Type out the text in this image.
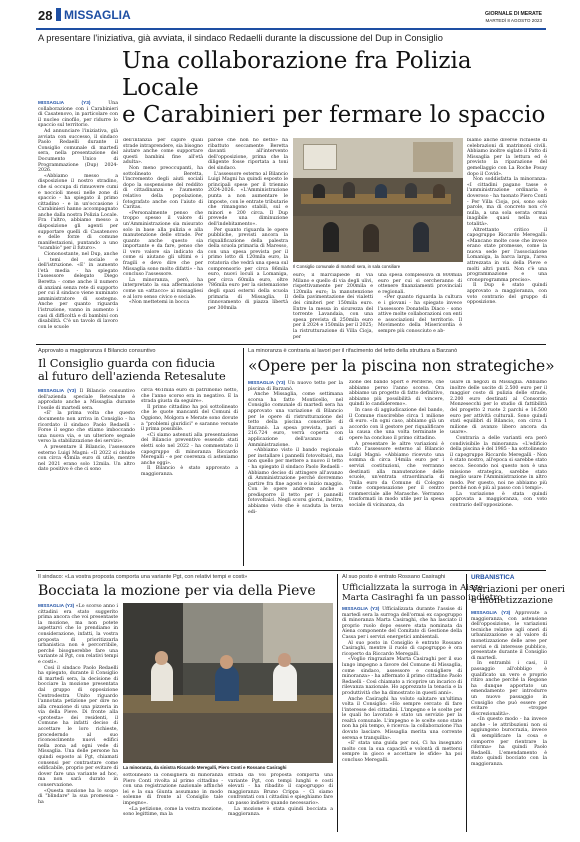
28 MISSAGLIA	GIORNALE DI MERATE
MARTEDÌ 8 AGOSTO 2023
A presentare l'iniziativa, già avviata, il sindaco Redaelli durante la discussione del Dup in Consiglio
Una collaborazione fra Polizia Locale
e Carabinieri per fermare lo spaccio

MISSAGLIA (Y3) Una collaborazione con i Carabinieri di Casatenovo, in particolare con il nucleo cinofilo, per ridurre lo spaccio sul territorio.

Ad annunciare l'iniziativa, già avviata con successo, il sindaco Paolo Redaelli durante il Consiglio comunale di martedì sera, nella presentazione del Documento Unico di Programmazione (Dup) 2024-2026.

«Abbiamo messo a disposizione il nostro stradino, che si occupa di rimuovere cumi e noccioli messi nelle zone di spaccio - ha spiegato il primo cittadino - e in un'occasione i Carabinieri hanno accompagnato anche dalla nostra Polizia Locale. Fra l'altro, abbiamo messo a disposizione gli agenti per supportare quelli di Casatenovo e delle forze di comune manifestazioni, puntando a uno "scambio" per il futuro».

Ciononostante, nel Dup, anche i temi del sociale e dell'istruzione. «E' in aumento l'età media - ha spiegato l'assessore delegato Diego Beretta - come anche il numero di anziani senza rete di supporto per cui il sindaco viene numinato amministratore di sostegno. Anche per quanto riguarda l'istruzione, vanno in aumento i casi di difficoltà e di bambini con disabilità. C'è un tavolo di lavoro con le scuole

dell'infanzia per capire quali strade intraprendere, sia bisogno aiutare anche come supportare questi bambini fine all'età adulta».

Non meno preoccupanti, ha sottolineato Beretta, l'incremento degli aiuti sociali dopo la sospensione del reddito di cittadinanza e l'aumento relativo della popolazione, fotografato anche con l'aiuto di Caritas.

«Personalmente penso che troppo spesso il valore di un'Amministrazione sia misurato solo in base alla pulizia e alla manutenzione delle strade. Per quanto anche questo sia importante e da fare, penso che il vero valore sia indicato da come si aiutano gli ultimi e i fragili e devo dire che per Missaglia sono molto difatti» - ha concluso l'assessore.

La minoranza, però, ha interpretato la sua affermazione come un «attacco» ai missagliesi e al loro senso civico e sociale.

«Non mettetemi in bocca

parole che non ho detto» ha ribattuto seccamente Beretta davanti all'intervento dell'opposizione, prima che la diligente fosse riportata a toni del sindaco.

L'assessore esterno al Bilancio Luigi Magni ha quindi esposto le principali spese per il triennio 2024-2026. «L'Amministrazione punta a non aumentare le imposte, con le entrate tributarie che rimangono stabili, sul e minori e 200 circa. Il Dup prevede una diminuzione dell'indebitamento».

Per quanto riguarda le opere pubbliche, previsti ancora la riqualificazione della palestra della scuola primaria di Maresso, con una spesa prevista per il primo lotto di 120mila euro, la rotatoria che vedrà una spesa sul comprensorio per circa 86mila euro, nuovi loculi a Lomaniga, per circa 60mila euro, oltre 786mila euro per la sistemazione degli spazi esterni della scuola primaria di Missaglia. Il rinnovamento di piazza libertà per 300mila

Il Consiglio comunale di martedì sera, in sala consiliare

euro; il marciapiede di via Milano e quello di via degli ulivi, rispettivamente per 200mila e 120mila euro; la manutenzione della pavimentazione dei vialetti dei cimiteri per 150mila euro. Entre la messa in sicurezza del torrente Lavandaia, con una spesa prevista di 250mila euro per il 2024 e 150mila per il 2025; la ristrutturazione di Villa Cioja, per

una spesa complessiva di 800mila euro per cui si cercheranno di ottenere finanziamenti provinciali e regionali.

«Per quanto riguarda la cultura e i giovani - ha spiegato invece l'assessore Donatella Diaco - sono attive molte collaborazioni con enti e associazioni del territorio. Il Movimento della Misericordia è sempre più conosciuto e ab-

biamo anche diverse richieste di celebrazioni di matrimoni civili. Abbiamo inoltre siglato il Patto di Missaglia per la lettura ed è previsto la riparazione del gemellaggio con La Roche Posay dopo il Covid».

Non soddisfatta la minoranza: «I cittadini pagano tasse e l'amministrazione ordinaria è doveroso - ha tuonato Piero Conti - Per Villa Cioja, poi, sono solo parole, ma di concreto non c'è nulla, a una sola serata ormai inagibile quasi nella sua totalità».

Altrettanto critico il capogruppo Riccardo Meregalli: «Mancano molte cose che invece erano state promesse, come la nuova sede per l'associazione Lomaniga, la barca larga, l'area attrezzata in via della Pieve e molti altri punti. Non c'è una programmazione e una cronoprogramma preciso».

Il Dup è stato quindi approvato a maggioranza, con voto contrario del gruppo di opposizione.

Approvato a maggioranza il Bilancio consuntivo
Il Consiglio guarda con fiducia
al futuro dell'azienda Retesalute

MISSAGLIA (Y3) Il Bilancio consuntivo dell'azienda speciale Retesalute è approdato anche a Missaglia durante l'ossile di martedì sera.

«E' la prima volta che questo documento non arriva in Consiglio - ha ricordato il sindaco Paolo Redaelli - Forse il segno che stiamo imboccando una nuova via, e un ulteriore segnale verso la stabilizzazione dei servizi».

A presentare il Bilancio, l'assessore esterno Luigi Magni: «Il 2022 si chiude con circa 45mila euro di utile, mentre nel 2021 erano solo 12mila. Un altro dato positivo è che ci sono

circa 461mila euro di patrimonio netto, che l'anno scorso era in negativo. E la strada giusta da seguire».

Il primo cittadino ha poi sottolineato che le quote mancanti del Comuni di Oggiono, Molgora e Merate sono dovute a "problemi giuridici" e saranno versate il prima possibile.

«Ci siamo astenuti alla presentazione del Bilancio preventivo essendo stati eletti solo nel 2022 - ha commentato il capogruppo di minoranza Riccardo Meregalli - e per coerenza ci asteniamo anche oggi».

Il Bilancio è stato approvato a maggioranza.

La minoranza è contraria ai lavori per il rifacimento del tetto della struttura a Barzanò
«Opere per la piscina non strategiche»

MISSAGLIA (Y3) Un nuovo tetto per la piscina di Barzanò.

Anche Missaglia, come settimana scorsa ha fatto Monticello, nel Consiglio comunale di martedì sera ha approvato una variazione di Bilancio per le opere di ristrutturazione del tetto della piscina consortile di Barzanò. La spesa prevista, pari a 216.724 euro, verrà coperta con applicazione dell'avanzo di Amministrazione.

«Abbiamo visto il bando regionale per installare i pannelli fotovoltaici, ma non quello per mettere a nuovo il tetto - ha spiegato il sindaco Paolo Redaelli - Abbiamo deciso di attingere all'avanzo di Amministrazione perché dovremmo partire fra fine agosto e inizio maggio. Con le opere andremo anche a predisporre il tetto per i pannelli fotovoltaici. Negli scorsi giorni, inoltre, abbiamo visto che è scaduta la terza edi-

zione del bando Sport e Periferie, che abbiamo perso l'anno scorso. Ora abbiamo un progetto di fatto definitivo, abbiamo più possibilità di vincere, quindi lo candideremo».

In caso di aggiudicazione del bando, il Comune riuscirebbe circa 1 milione di euro. «In ogni caso, abbiamo già un accordo con il gestore per riqualificare la causa che una volta terminate le opere ha concluso il primo cittadino.

A presentare le altre variazioni è stato l'assessore esterno al Bilancio Luigi Magni: «Abbiamo ricevuto una somma di circa 14mila euro per i servizi costituzioni, che verranno destinati alla manutenzione delle scuole, un'entrata straordinaria di 7mila euro da Comune di Cologno come compensazione per il centro commerciale alle Marasche. Verranno trasformati in modo utile per la spesa sociale di vicinanza, da

usare in negozi di Missaglia. Abbiamo inoltre delle uscite di 2.500 euro per il maggior costo di pulizia delle strade, 2.200 euro destinati al Consorzio Monzesecchi per lo studio di fattibilità del progetto 2 ruote 2 parchi e 16.500 euro per attività culturali. Sono quindi stati equilibri di Bilancio, con circa 1 milione di avanzo libero ancora da usare».

Contraria a delle varianti era però condivisibile la minoranza: «L'edificio della piscina è del 1985 - ha sottolineato il capogruppo Riccardo Meregalli - Non è stato nostro, all'epoca si sarebbe stato secco. Secondo noi questo non è una missione strategica, sarebbe stato meglio usare l'Amministrazione in altro modo. Per questo, noi ne abbiamo più perché non è più al passo con i tempi».

La variazione è stata quindi approvata a maggioranza, con voto contrario dell'opposizione.

Il sindaco: «La vostra proposta comporta una variante Pgt, con relativi tempi e costi»
Bocciata la mozione per via della Pieve

MISSAGLIA (Y3) «Lo scorso anno i cittadini era stato suggerito prima ancora che voi presentaste la mozione, ma non potete aspettarvi che lo prendiamo in considerazione, infatti, la vostra proposta di prioritizzarla urbanistica non è percorribile, perché bisognerebbe fare una variante al Pgt, con relativi tempi e costi».

Così il sindaco Paolo Redaelli ha spiegato, durante il Consiglio di martedì sera, la decisione di bocciare la mozione presentata dal gruppo di opposizione Centrodestra Unito riguardo l'annotata petizione per dire no alla creazione di una pizzeria in via della Pieve. Di fronte alla «protesta» dei residenti, il Comune ha infatti deciso di accettare le loro richieste, procederndo al suo riconoscimento nuovi edifici nella zona ad ogni vede di Missaglia. Una delle persone ha quindi esposto ai Pgt, chiamati consensi per contrastare come edificabile, proprio per evitare di dover fare una variante ad hoc, ma non sarà durato in conservazione.

«Questa mozione ha lo scopo di "blindare" la sua promessa - ha

La minoranza, da sinistra Riccardo Meregalli, Piero Conti e Rossano Casiraghi

sottolineato la consigliera di minoranza Piero Conti rivolta al primo cittadino - con una registrazione nazionale affinché lei e la sua Giunta assumano in modo solenne di fronte al Consiglio tale impegno».

«La petizione, come la vostra mozione, sono legittime, ma la

strada da voi proposta comporta una variante Pgt, con tempi lunghi e costi elevati - ha ribadito il capogruppo di maggioranza Bruno Crippa - Ci siamo confrontati con i cittadini e spieghiamo fare un passo indietro quando necessario».

La mozione è stata quindi bocciata a maggioranza.

Al suo posto è entrato Rossano Casiraghi
Ufficializzata la surroga in Aisse
Marta Casiraghi fa un passo indietro

MISSAGLIA (Y3) Ufficializzata durante l'assise di martedì sera la surroga dell'ormai ex capogruppo di minoranza Marta Casiraghi, che ha lasciato il proprio ruolo dopo essere stata nominata da Aiena componente del Comitato di Gestione della Cassa per i servizi energetici ambientali.

Al suo posto in Consiglio è entrato Rossano Casiraghi, mentre il ruolo di capogruppo è ora ricoperto da Riccardo Meregalli.

«Voglio ringraziare Marta Casiraghi per il suo lungo impegno a favore del Comune di Missaglia, come sindaco, assessore e consigliere di minoranza» - ha affermato il primo cittadino Paolo Redaelli - Così chiamato a ricoprire un incarico di rilevanza nazionale. Ho apprezzato la tenacia e la produttività che ha dimostrato in questi anni».

Anche Casiraghi ha voluto salutare un'ultima volta il Consiglio: «Ho sempre cercato di fare l'interesse dei cittadini. L'impegno e le scelte per le quali ho lavorato è stato un servizio per la realtà comunale. L'impegno e le scelte sono state non ha più tempo, è ricerca: la collaborazione l'ha dovuto lasciare. Missaglia merita una corrente serena e tranquilla».

«E' stata una guida per noi, Ci ha insegnato molto con la sua capacità e volontà di mettersi sempre in gioco e accettare le sfide» ha poi concluso Meregalli.

URBANISTICA
Variazioni per oneri
e monetizzazione

MISSAGLIA (Y3) Approvate a maggioranza, con astensione dell'opposizione, le variazioni tecniche relative agli oneri di urbanizzazione e al valore di monetizzazione delle aree per servizi e di interesse pubblico, presentate durante il Consiglio di martedì.

In entrambi i casi, il passaggio all'obbligo è qualificato un vero e proprio ritiro anche perché la Regione ha dunque apportato un emendamento per introdurre un nuovo passaggio in Consiglio che può essere per evitare «troppe discrezionalità».

«In questo modo - ha invece anche - le attribuzioni non si aggiungono burocrazia, invece di semplificare la cosa e comporre per rientrare la riforma» ha quindi Paolo Redaelli. L'emendamento è stato quindi bocciato con la maggioranza.
